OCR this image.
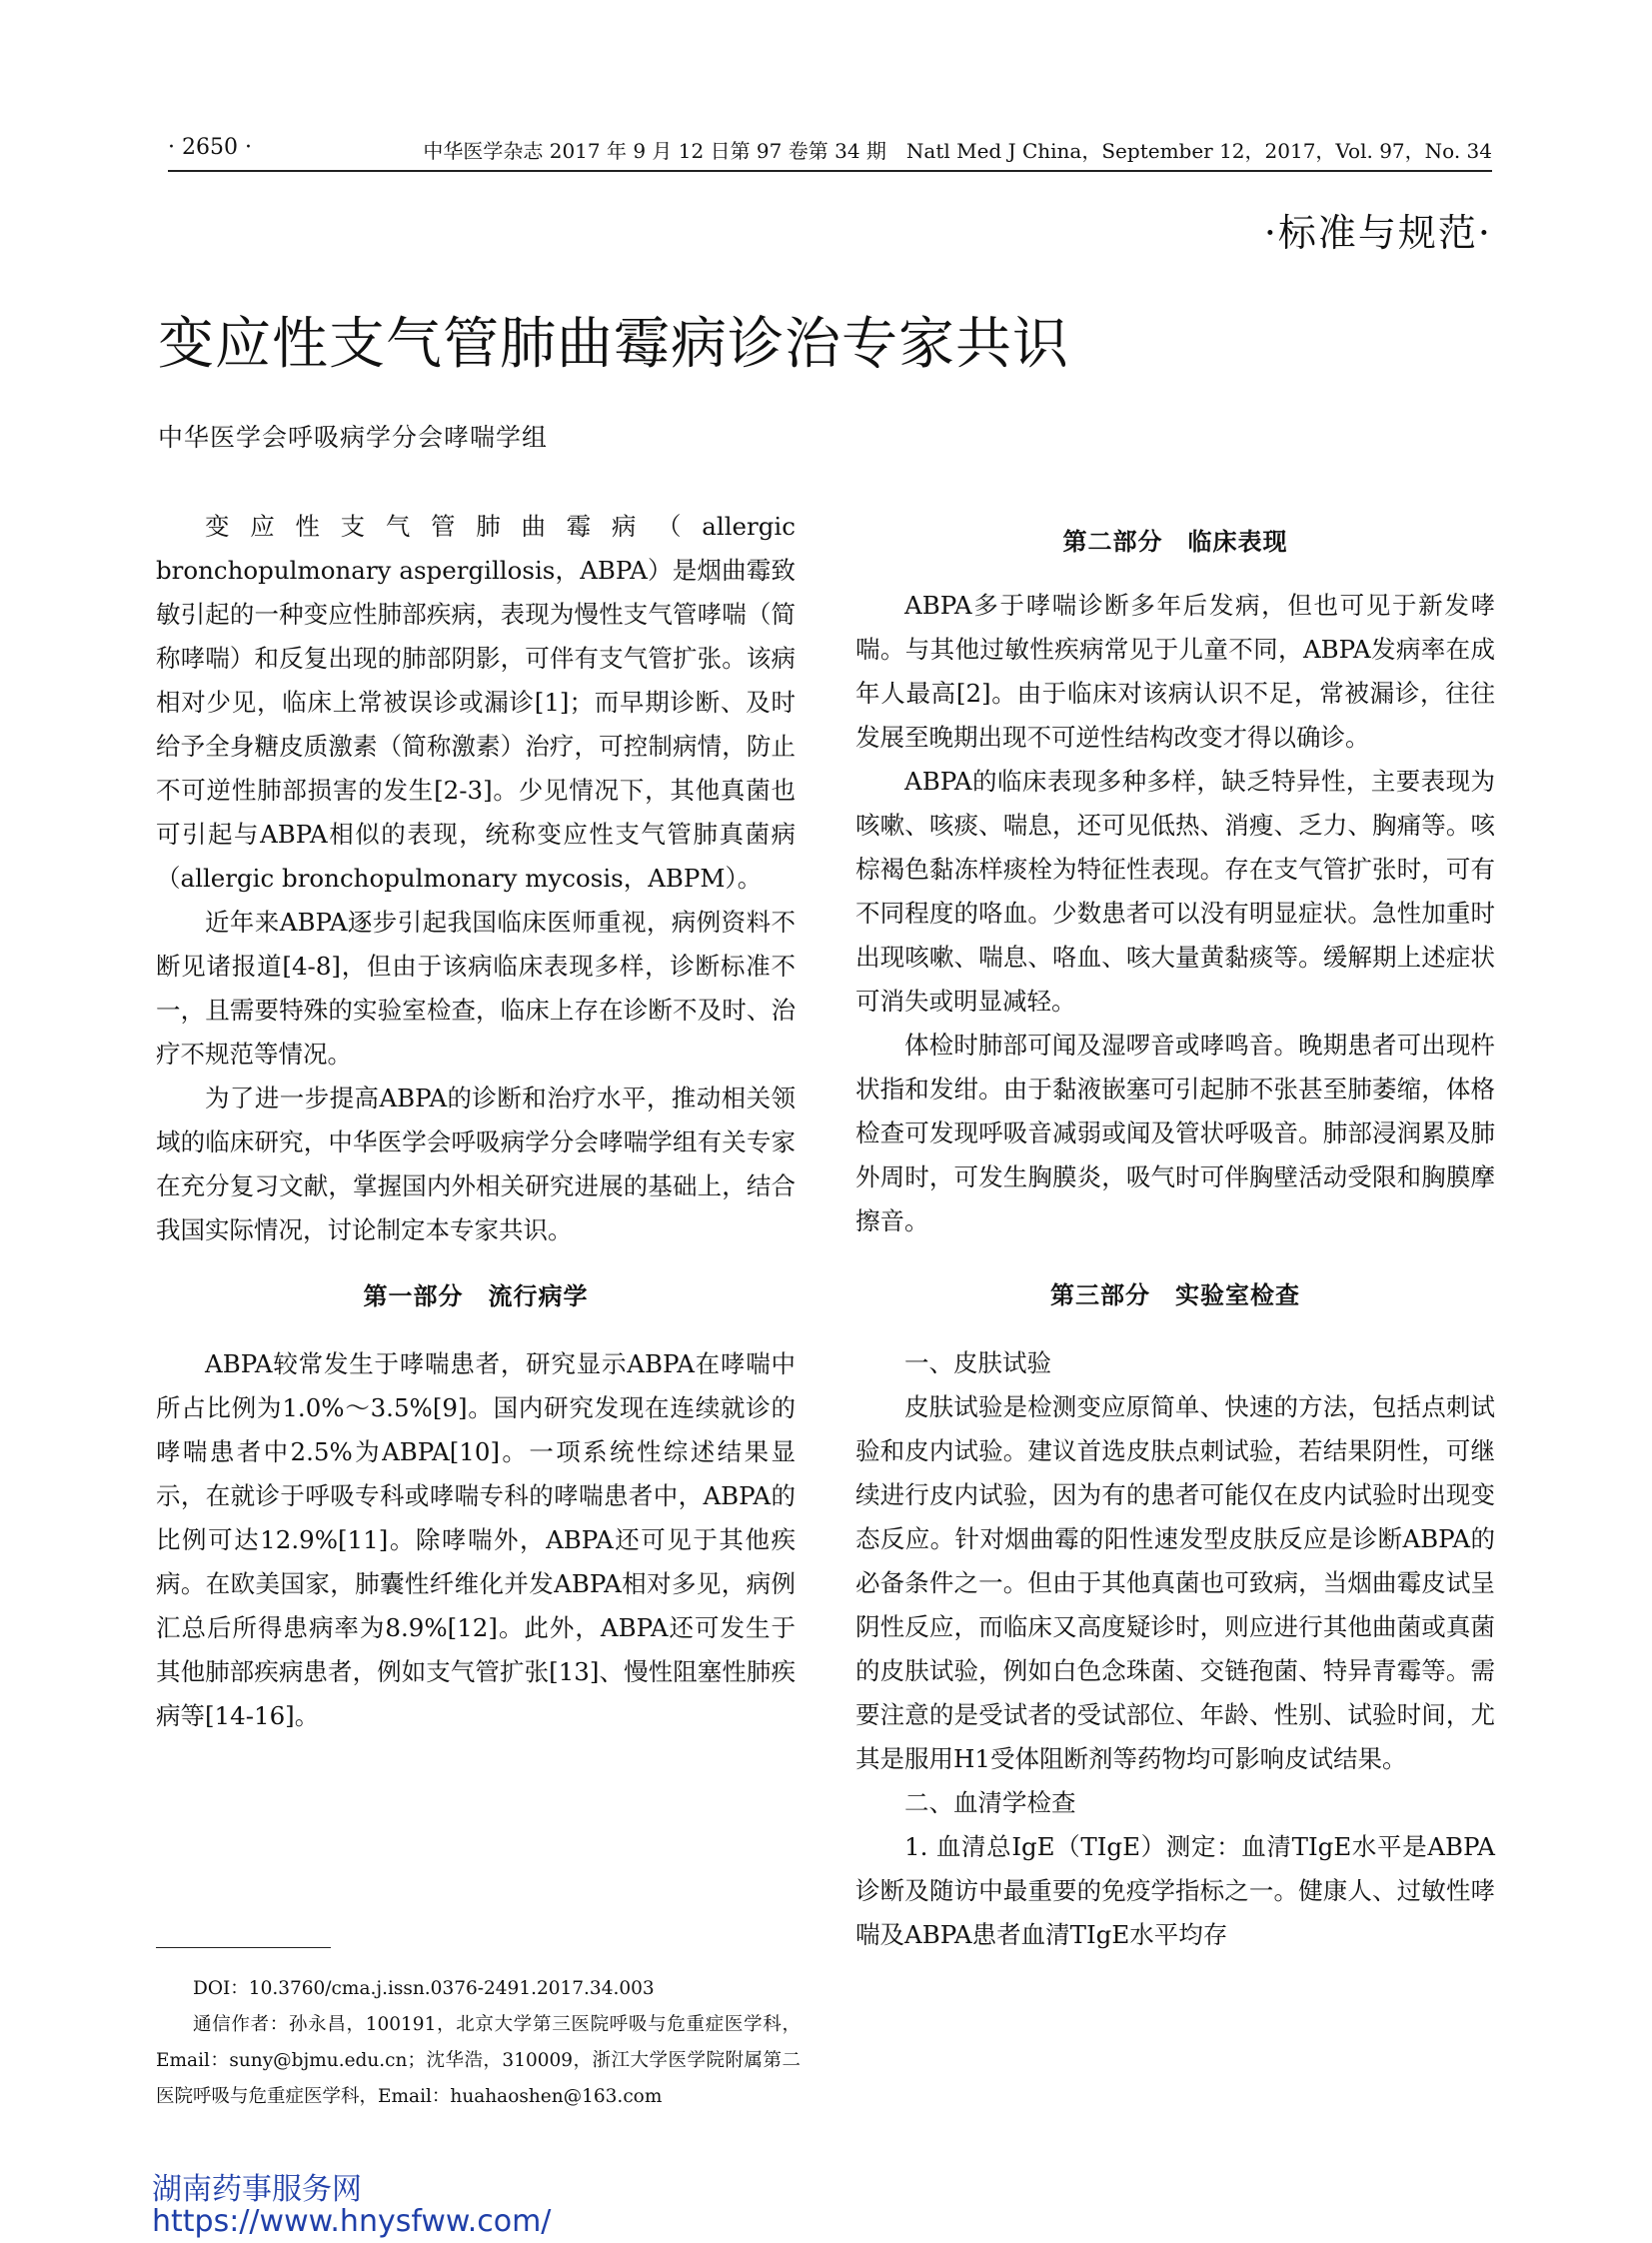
· 2650 ·	中华医学杂志 2017 年 9 月 12 日第 97 卷第 34 期　Natl Med J China，September 12，2017，Vol. 97，No. 34
·标准与规范·
变应性支气管肺曲霉病诊治专家共识
中华医学会呼吸病学分会哮喘学组

变应性支气管肺曲霉病（allergic bronchopulmonary aspergillosis，ABPA）是烟曲霉致敏引起的一种变应性肺部疾病，表现为慢性支气管哮喘（简称哮喘）和反复出现的肺部阴影，可伴有支气管扩张。该病相对少见，临床上常被误诊或漏诊[1]；而早期诊断、及时给予全身糖皮质激素（简称激素）治疗，可控制病情，防止不可逆性肺部损害的发生[2-3]。少见情况下，其他真菌也可引起与ABPA相似的表现，统称变应性支气管肺真菌病（allergic bronchopulmonary mycosis，ABPM）。

近年来ABPA逐步引起我国临床医师重视，病例资料不断见诸报道[4-8]，但由于该病临床表现多样，诊断标准不一，且需要特殊的实验室检查，临床上存在诊断不及时、治疗不规范等情况。

为了进一步提高ABPA的诊断和治疗水平，推动相关领域的临床研究，中华医学会呼吸病学分会哮喘学组有关专家在充分复习文献，掌握国内外相关研究进展的基础上，结合我国实际情况，讨论制定本专家共识。

第一部分　流行病学

ABPA较常发生于哮喘患者，研究显示ABPA在哮喘中所占比例为1.0%～3.5%[9]。国内研究发现在连续就诊的哮喘患者中2.5%为ABPA[10]。一项系统性综述结果显示，在就诊于呼吸专科或哮喘专科的哮喘患者中，ABPA的比例可达12.9%[11]。除哮喘外，ABPA还可见于其他疾病。在欧美国家，肺囊性纤维化并发ABPA相对多见，病例汇总后所得患病率为8.9%[12]。此外，ABPA还可发生于其他肺部疾病患者，例如支气管扩张[13]、慢性阻塞性肺疾病等[14-16]。

第二部分　临床表现

ABPA多于哮喘诊断多年后发病，但也可见于新发哮喘。与其他过敏性疾病常见于儿童不同，ABPA发病率在成年人最高[2]。由于临床对该病认识不足，常被漏诊，往往发展至晚期出现不可逆性结构改变才得以确诊。

ABPA的临床表现多种多样，缺乏特异性，主要表现为咳嗽、咳痰、喘息，还可见低热、消瘦、乏力、胸痛等。咳棕褐色黏冻样痰栓为特征性表现。存在支气管扩张时，可有不同程度的咯血。少数患者可以没有明显症状。急性加重时出现咳嗽、喘息、咯血、咳大量黄黏痰等。缓解期上述症状可消失或明显减轻。

体检时肺部可闻及湿啰音或哮鸣音。晚期患者可出现杵状指和发绀。由于黏液嵌塞可引起肺不张甚至肺萎缩，体格检查可发现呼吸音减弱或闻及管状呼吸音。肺部浸润累及肺外周时，可发生胸膜炎，吸气时可伴胸壁活动受限和胸膜摩擦音。

第三部分　实验室检查

一、皮肤试验

皮肤试验是检测变应原简单、快速的方法，包括点刺试验和皮内试验。建议首选皮肤点刺试验，若结果阴性，可继续进行皮内试验，因为有的患者可能仅在皮内试验时出现变态反应。针对烟曲霉的阳性速发型皮肤反应是诊断ABPA的必备条件之一。但由于其他真菌也可致病，当烟曲霉皮试呈阴性反应，而临床又高度疑诊时，则应进行其他曲菌或真菌的皮肤试验，例如白色念珠菌、交链孢菌、特异青霉等。需要注意的是受试者的受试部位、年龄、性别、试验时间，尤其是服用H1受体阻断剂等药物均可影响皮试结果。

二、血清学检查

1. 血清总IgE（TIgE）测定：血清TIgE水平是ABPA诊断及随访中最重要的免疫学指标之一。健康人、过敏性哮喘及ABPA患者血清TIgE水平均存

DOI：10.3760/cma.j.issn.0376-2491.2017.34.003

通信作者：孙永昌，100191，北京大学第三医院呼吸与危重症医学科，Email：suny@bjmu.edu.cn；沈华浩，310009，浙江大学医学院附属第二医院呼吸与危重症医学科，Email：huahaoshen@163.com

湖南药事服务网
https://www.hnysfww.com/
